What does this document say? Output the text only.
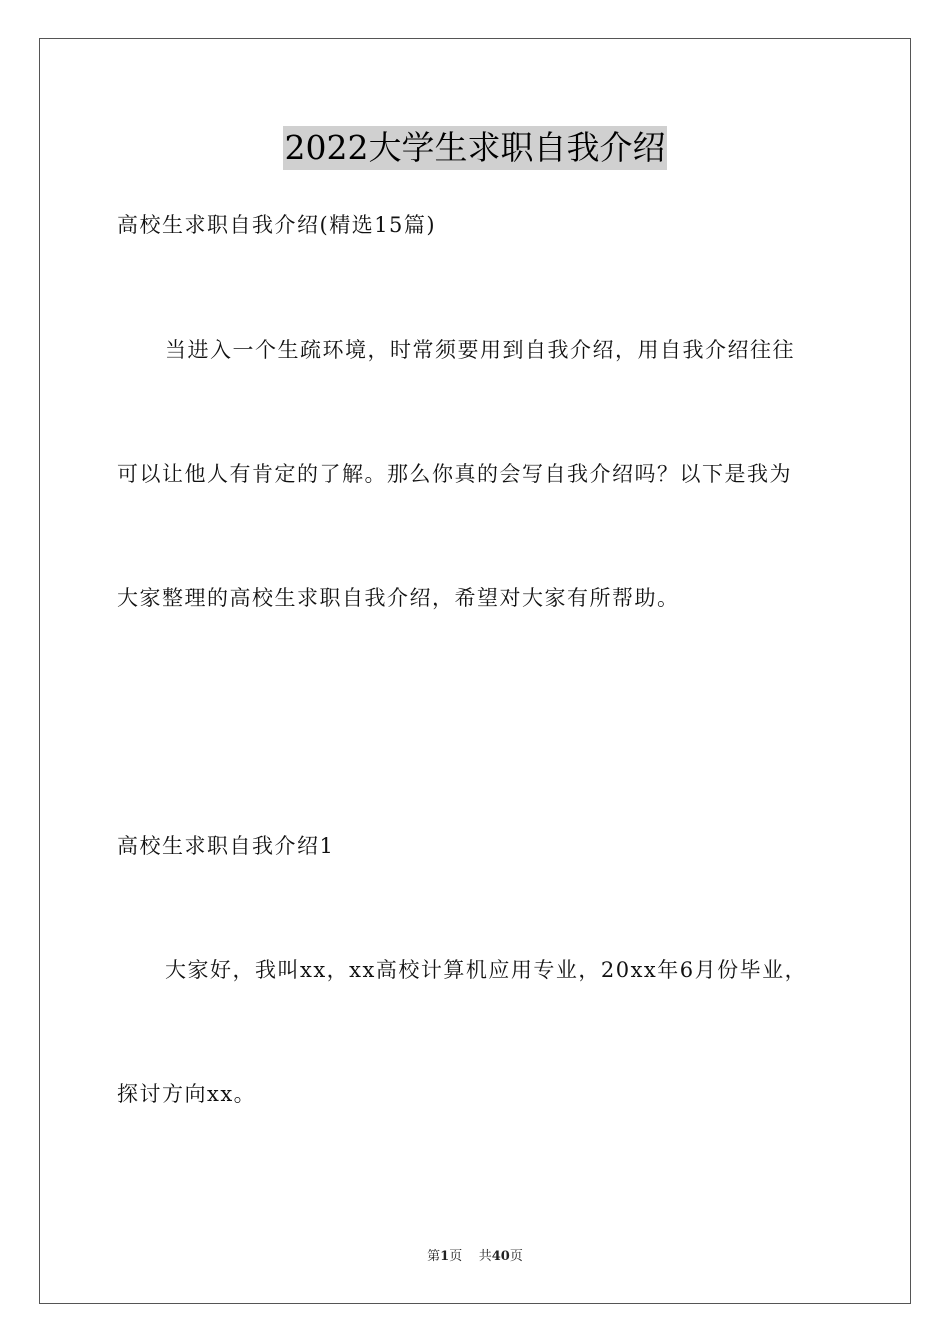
2022大学生求职自我介绍
高校生求职自我介绍(精选15篇)
当进入一个生疏环境，时常须要用到自我介绍，用自我介绍往往
可以让他人有肯定的了解。那么你真的会写自我介绍吗？以下是我为
大家整理的高校生求职自我介绍，希望对大家有所帮助。
高校生求职自我介绍1
大家好，我叫xx，xx高校计算机应用专业，20xx年6月份毕业，
探讨方向xx。
第1页 共40页
